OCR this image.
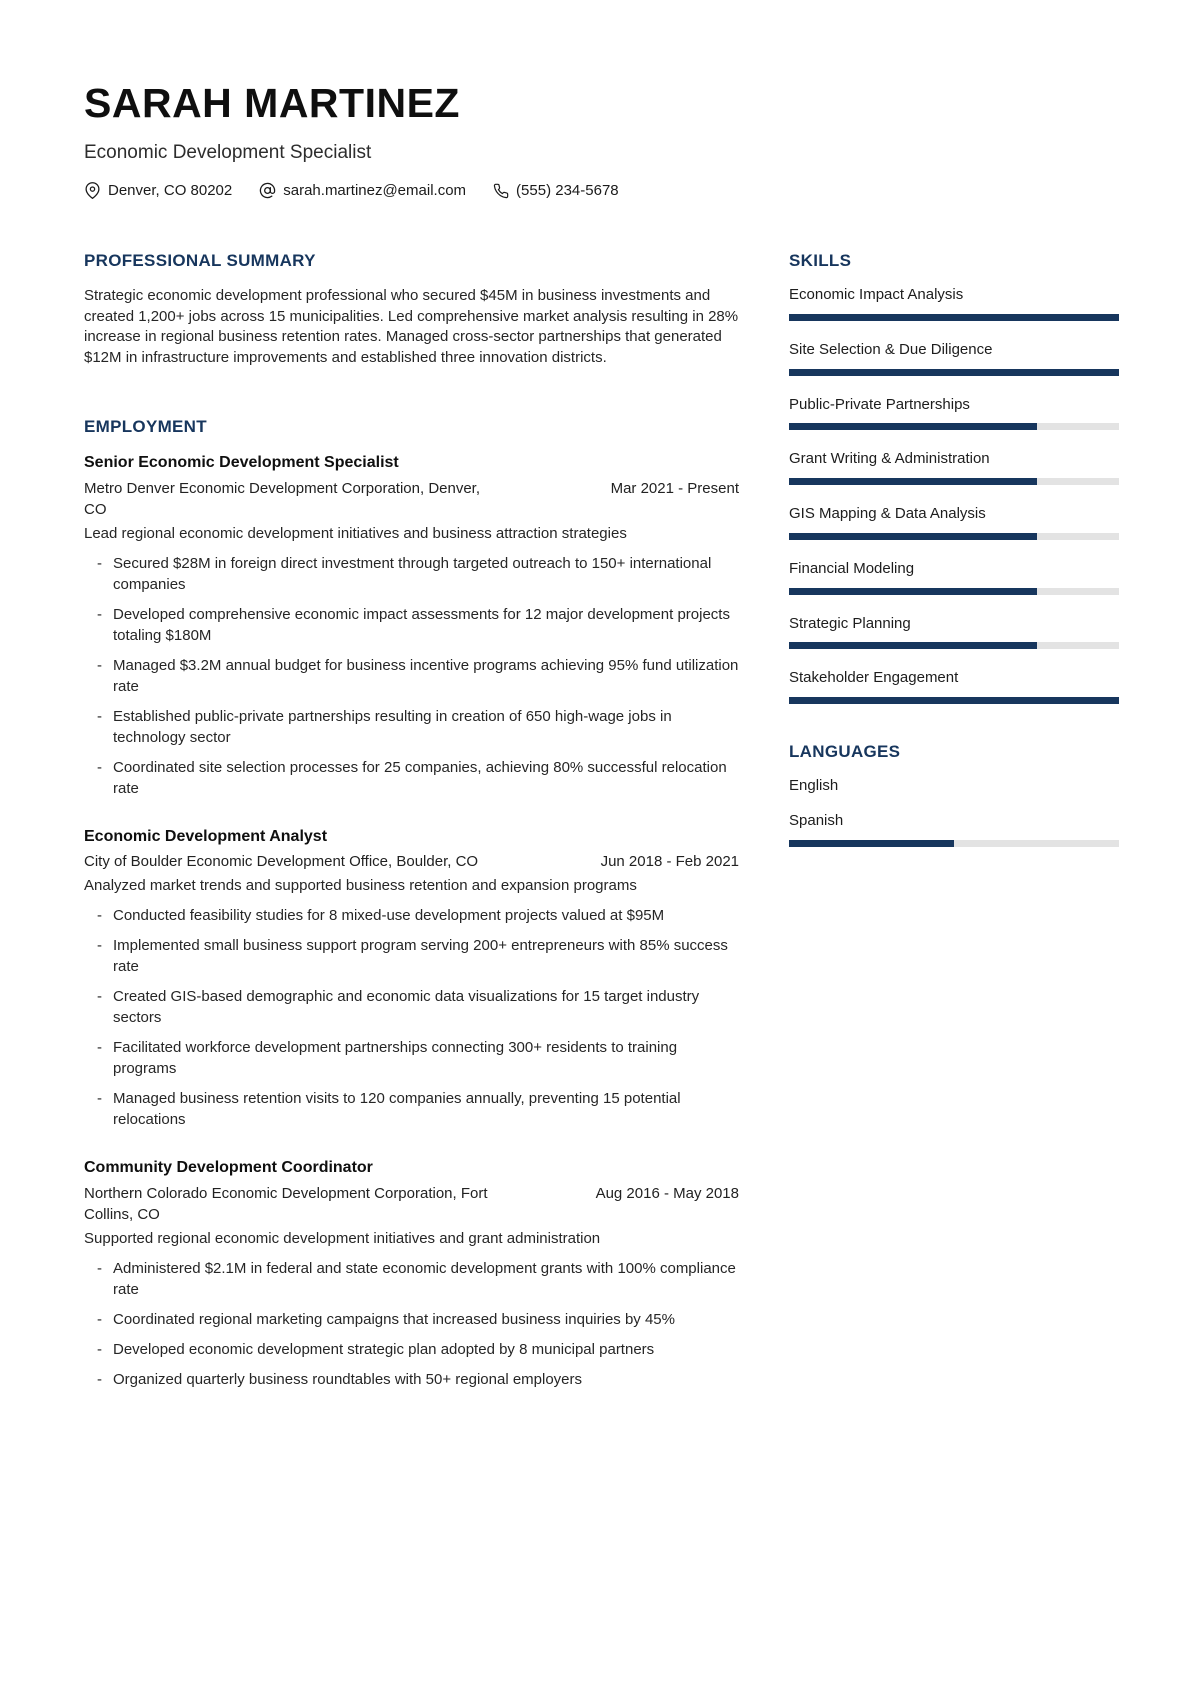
SARAH MARTINEZ
Economic Development Specialist
Denver, CO 80202	sarah.martinez@email.com	(555) 234-5678
PROFESSIONAL SUMMARY

Strategic economic development professional who secured $45M in business investments and created 1,200+ jobs across 15 municipalities. Led comprehensive market analysis resulting in 28% increase in regional business retention rates. Managed cross-sector partnerships that generated $12M in infrastructure improvements and established three innovation districts.

EMPLOYMENT
Senior Economic Development Specialist
Metro Denver Economic Development Corporation, Denver, CO
Mar 2021 - Present
Lead regional economic development initiatives and business attraction strategies
- Secured $28M in foreign direct investment through targeted outreach to 150+ international companies
- Developed comprehensive economic impact assessments for 12 major development projects totaling $180M
- Managed $3.2M annual budget for business incentive programs achieving 95% fund utilization rate
- Established public-private partnerships resulting in creation of 650 high-wage jobs in technology sector
- Coordinated site selection processes for 25 companies, achieving 80% successful relocation rate
Economic Development Analyst
City of Boulder Economic Development Office, Boulder, CO	Jun 2018 - Feb 2021
Analyzed market trends and supported business retention and expansion programs
- Conducted feasibility studies for 8 mixed-use development projects valued at $95M
- Implemented small business support program serving 200+ entrepreneurs with 85% success rate
- Created GIS-based demographic and economic data visualizations for 15 target industry sectors
- Facilitated workforce development partnerships connecting 300+ residents to training programs
- Managed business retention visits to 120 companies annually, preventing 15 potential relocations
Community Development Coordinator
Northern Colorado Economic Development Corporation, Fort Collins, CO
Aug 2016 - May 2018
Supported regional economic development initiatives and grant administration
- Administered $2.1M in federal and state economic development grants with 100% compliance rate
- Coordinated regional marketing campaigns that increased business inquiries by 45%
- Developed economic development strategic plan adopted by 8 municipal partners
- Organized quarterly business roundtables with 50+ regional employers
SKILLS
Economic Impact Analysis
Site Selection & Due Diligence
Public-Private Partnerships
Grant Writing & Administration
GIS Mapping & Data Analysis
Financial Modeling
Strategic Planning
Stakeholder Engagement
LANGUAGES
English
Spanish
